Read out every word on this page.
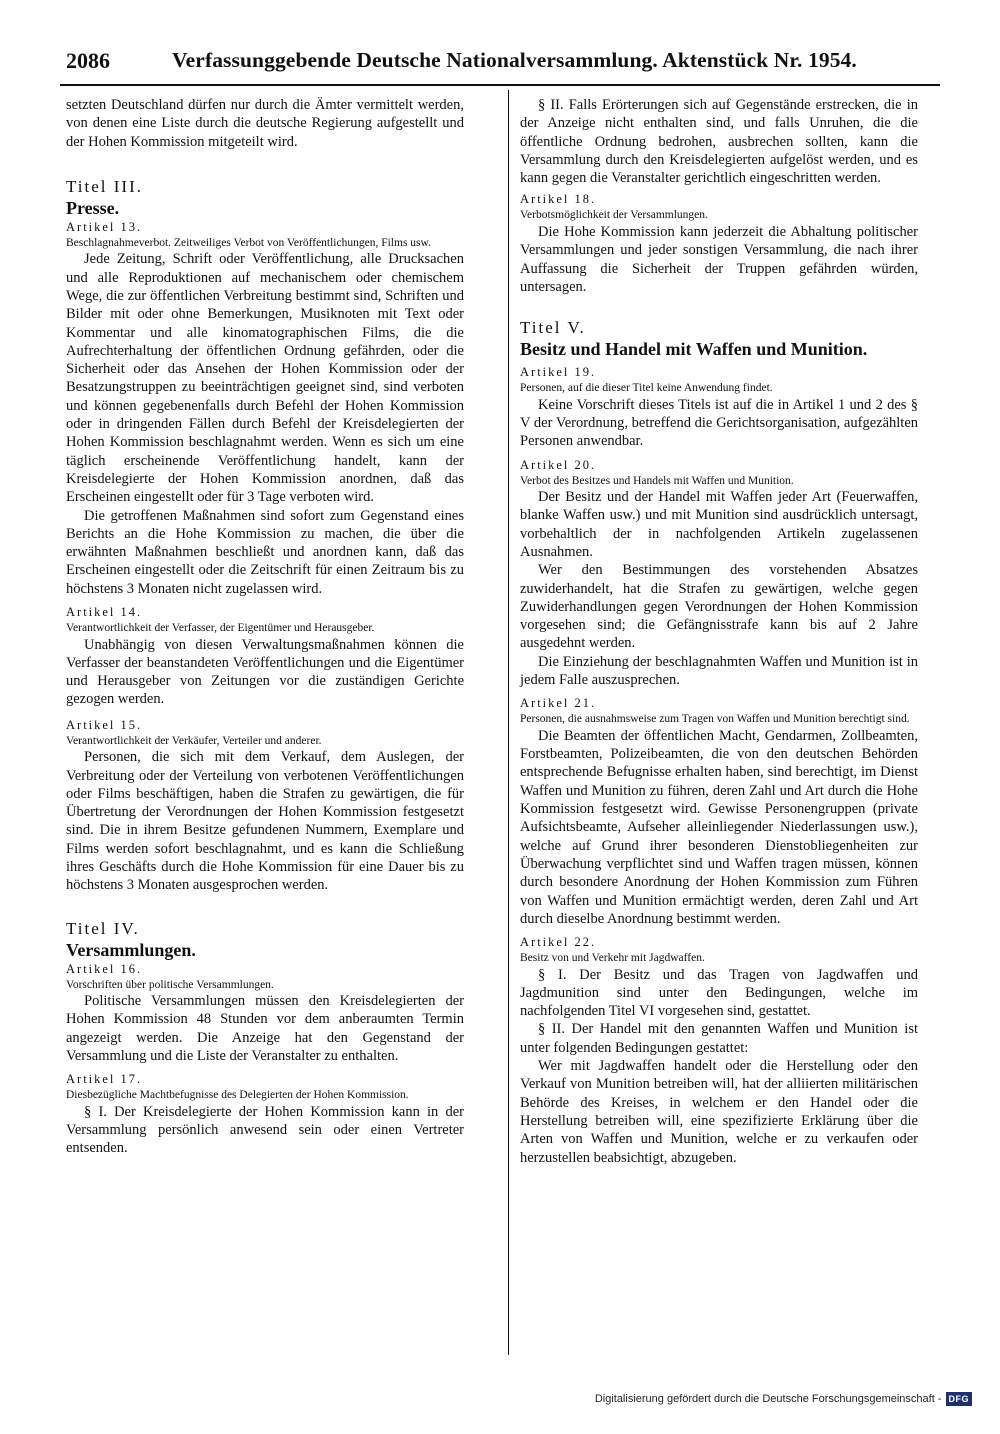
2086	Verfassunggebende Deutsche Nationalversammlung. Aktenstück Nr. 1954.

setzten Deutschland dürfen nur durch die Ämter vermittelt werden, von denen eine Liste durch die deutsche Regierung aufgestellt und der Hohen Kommission mitgeteilt wird.

Titel III.

Presse.

Artikel 13.

Beschlagnahmeverbot. Zeitweiliges Verbot von Veröffentlichungen, Films usw.

Jede Zeitung, Schrift oder Veröffentlichung, alle Drucksachen und alle Reproduktionen auf mechanischem oder chemischem Wege, die zur öffentlichen Verbreitung bestimmt sind, Schriften und Bilder mit oder ohne Bemerkungen, Musiknoten mit Text oder Kommentar und alle kinomatographischen Films, die die Aufrechterhaltung der öffentlichen Ordnung gefährden, oder die Sicherheit oder das Ansehen der Hohen Kommission oder der Besatzungstruppen zu beeinträchtigen geeignet sind, sind verboten und können gegebenenfalls durch Befehl der Hohen Kommission oder in dringenden Fällen durch Befehl der Kreisdelegierten der Hohen Kommission beschlagnahmt werden. Wenn es sich um eine täglich erscheinende Veröffentlichung handelt, kann der Kreisdelegierte der Hohen Kommission anordnen, daß das Erscheinen eingestellt oder für 3 Tage verboten wird.

Die getroffenen Maßnahmen sind sofort zum Gegenstand eines Berichts an die Hohe Kommission zu machen, die über die erwähnten Maßnahmen beschließt und anordnen kann, daß das Erscheinen eingestellt oder die Zeitschrift für einen Zeitraum bis zu höchstens 3 Monaten nicht zugelassen wird.

Artikel 14.

Verantwortlichkeit der Verfasser, der Eigentümer und Herausgeber.

Unabhängig von diesen Verwaltungsmaßnahmen können die Verfasser der beanstandeten Veröffentlichungen und die Eigentümer und Herausgeber von Zeitungen vor die zuständigen Gerichte gezogen werden.

Artikel 15.

Verantwortlichkeit der Verkäufer, Verteiler und anderer.

Personen, die sich mit dem Verkauf, dem Auslegen, der Verbreitung oder der Verteilung von verbotenen Veröffentlichungen oder Films beschäftigen, haben die Strafen zu gewärtigen, die für Übertretung der Verordnungen der Hohen Kommission festgesetzt sind. Die in ihrem Besitze gefundenen Nummern, Exemplare und Films werden sofort beschlagnahmt, und es kann die Schließung ihres Geschäfts durch die Hohe Kommission für eine Dauer bis zu höchstens 3 Monaten ausgesprochen werden.

Titel IV.

Versammlungen.

Artikel 16.

Vorschriften über politische Versammlungen.

Politische Versammlungen müssen den Kreisdelegierten der Hohen Kommission 48 Stunden vor dem anberaumten Termin angezeigt werden. Die Anzeige hat den Gegenstand der Versammlung und die Liste der Veranstalter zu enthalten.

Artikel 17.

Diesbezügliche Machtbefugnisse des Delegierten der Hohen Kommission.

§ I. Der Kreisdelegierte der Hohen Kommission kann in der Versammlung persönlich anwesend sein oder einen Vertreter entsenden.

§ II. Falls Erörterungen sich auf Gegenstände erstrecken, die in der Anzeige nicht enthalten sind, und falls Unruhen, die die öffentliche Ordnung bedrohen, ausbrechen sollten, kann die Versammlung durch den Kreisdelegierten aufgelöst werden, und es kann gegen die Veranstalter gerichtlich eingeschritten werden.

Artikel 18.

Verbotsmöglichkeit der Versammlungen.

Die Hohe Kommission kann jederzeit die Abhaltung politischer Versammlungen und jeder sonstigen Versammlung, die nach ihrer Auffassung die Sicherheit der Truppen gefährden würden, untersagen.

Titel V.

Besitz und Handel mit Waffen und Munition.

Artikel 19.

Personen, auf die dieser Titel keine Anwendung findet.

Keine Vorschrift dieses Titels ist auf die in Artikel 1 und 2 des § V der Verordnung, betreffend die Gerichtsorganisation, aufgezählten Personen anwendbar.

Artikel 20.

Verbot des Besitzes und Handels mit Waffen und Munition.

Der Besitz und der Handel mit Waffen jeder Art (Feuerwaffen, blanke Waffen usw.) und mit Munition sind ausdrücklich untersagt, vorbehaltlich der in nachfolgenden Artikeln zugelassenen Ausnahmen.

Wer den Bestimmungen des vorstehenden Absatzes zuwiderhandelt, hat die Strafen zu gewärtigen, welche gegen Zuwiderhandlungen gegen Verordnungen der Hohen Kommission vorgesehen sind; die Gefängnisstrafe kann bis auf 2 Jahre ausgedehnt werden.

Die Einziehung der beschlagnahmten Waffen und Munition ist in jedem Falle auszusprechen.

Artikel 21.

Personen, die ausnahmsweise zum Tragen von Waffen und Munition berechtigt sind.

Die Beamten der öffentlichen Macht, Gendarmen, Zollbeamten, Forstbeamten, Polizeibeamten, die von den deutschen Behörden entsprechende Befugnisse erhalten haben, sind berechtigt, im Dienst Waffen und Munition zu führen, deren Zahl und Art durch die Hohe Kommission festgesetzt wird. Gewisse Personengruppen (private Aufsichtsbeamte, Aufseher alleinliegender Niederlassungen usw.), welche auf Grund ihrer besonderen Dienstobliegenheiten zur Überwachung verpflichtet sind und Waffen tragen müssen, können durch besondere Anordnung der Hohen Kommission zum Führen von Waffen und Munition ermächtigt werden, deren Zahl und Art durch dieselbe Anordnung bestimmt werden.

Artikel 22.

Besitz von und Verkehr mit Jagdwaffen.

§ I. Der Besitz und das Tragen von Jagdwaffen und Jagdmunition sind unter den Bedingungen, welche im nachfolgenden Titel VI vorgesehen sind, gestattet.

§ II. Der Handel mit den genannten Waffen und Munition ist unter folgenden Bedingungen gestattet:

Wer mit Jagdwaffen handelt oder die Herstellung oder den Verkauf von Munition betreiben will, hat der alliierten militärischen Behörde des Kreises, in welchem er den Handel oder die Herstellung betreiben will, eine spezifizierte Erklärung über die Arten von Waffen und Munition, welche er zu verkaufen oder herzustellen beabsichtigt, abzugeben.

Digitalisierung gefördert durch die Deutsche Forschungsgemeinschaft - DFG
